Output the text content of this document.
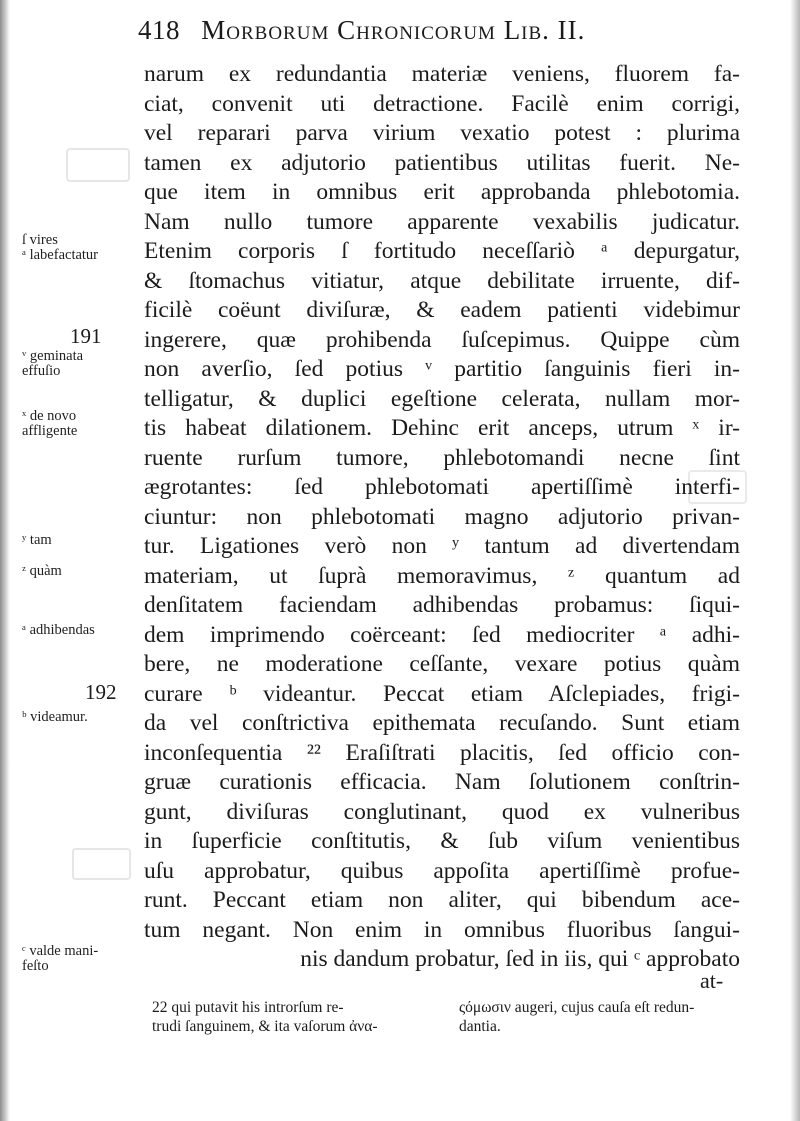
418 Morborum Chronicorum Lib. II.
narum ex redundantia materiæ veniens, fluorem fa-
ciat, convenit uti detractione. Facilè enim corrigi,
vel reparari parva virium vexatio potest : plurima
tamen ex adjutorio patientibus utilitas fuerit. Ne-
que item in omnibus erit approbanda phlebotomia.
Nam nullo tumore apparente vexabilis judicatur.
Etenim corporis ſ fortitudo neceſſariò ᵃ depurgatur,
& ſtomachus vitiatur, atque debilitate irruente, dif-
ficilè coëunt diviſuræ, & eadem patienti videbimur
ingerere, quæ prohibenda ſuſcepimus. Quippe cùm
non averſio, ſed potius ᵛ partitio ſanguinis fieri in-
telligatur, & duplici egeſtione celerata, nullam mor-
tis habeat dilationem. Dehinc erit anceps, utrum ˣ ir-
ruente rurſum tumore, phlebotomandi necne ſint
ægrotantes: ſed phlebotomati apertiſſimè interfi-
ciuntur: non phlebotomati magno adjutorio privan-
tur. Ligationes verò non ʸ tantum ad divertendam
materiam, ut ſuprà memoravimus, ᶻ quantum ad
denſitatem faciendam adhibendas probamus: ſiqui-
dem imprimendo coërceant: ſed mediocriter ᵃ adhi-
bere, ne moderatione ceſſante, vexare potius quàm
curare ᵇ videantur. Peccat etiam Aſclepiades, frigi-
da vel conſtrictiva epithemata recuſando. Sunt etiam
inconſequentia ²² Eraſiſtrati placitis, ſed officio con-
gruæ curationis efficacia. Nam ſolutionem conſtrin-
gunt, diviſuras conglutinant, quod ex vulneribus
in ſuperficie conſtitutis, & ſub viſum venientibus
uſu approbatur, quibus appoſita apertiſſimè profue-
runt. Peccant etiam non aliter, qui bibendum ace-
tum negant. Non enim in omnibus fluoribus ſangui-
nis dandum probatur, ſed in iis, qui ᶜ approbato
ſ vires
ᵃ labefactatur
191
ᵛ geminata
effuſio
ˣ de novo
affligente
ʸ tam
ᶻ quàm
ᵃ adhibendas
192
ᵇ videamur.
ᶜ valde mani-
feſto
at-
22 qui putavit his introrſum re-
trudi ſanguinem, & ita vaſorum ἀνα-
ςόμωσιν augeri, cujus cauſa eſt redun-
dantia.
